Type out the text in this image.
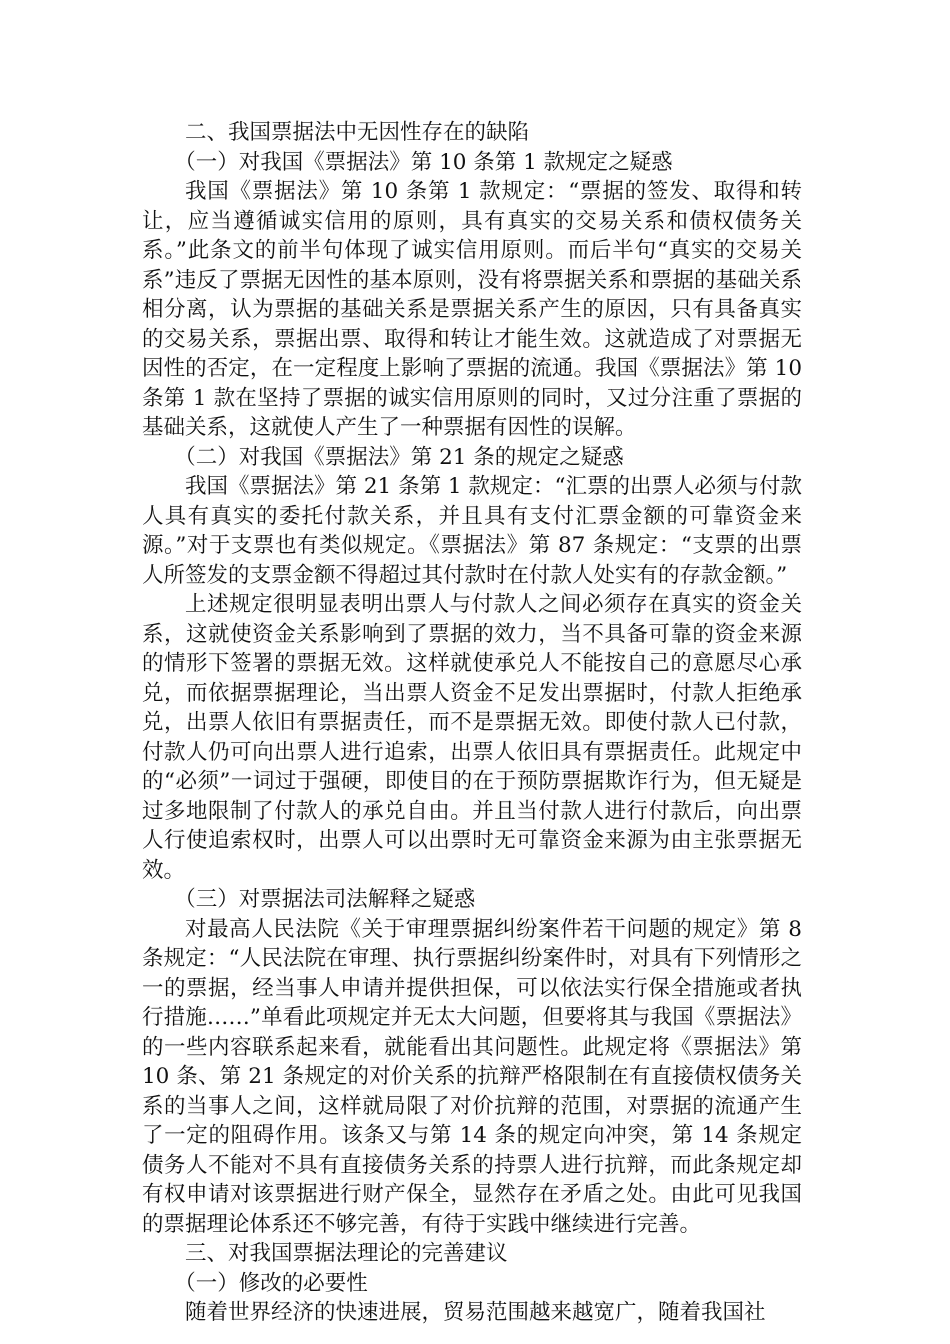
二、我国票据法中无因性存在的缺陷

（一）对我国《票据法》第 10 条第 1 款规定之疑惑

我国《票据法》第 10 条第 1 款规定：“票据的签发、取得和转让，应当遵循诚实信用的原则，具有真实的交易关系和债权债务关系。”此条文的前半句体现了诚实信用原则。而后半句“真实的交易关系”违反了票据无因性的基本原则，没有将票据关系和票据的基础关系相分离，认为票据的基础关系是票据关系产生的原因，只有具备真实的交易关系，票据出票、取得和转让才能生效。这就造成了对票据无因性的否定，在一定程度上影响了票据的流通。我国《票据法》第 10 条第 1 款在坚持了票据的诚实信用原则的同时，又过分注重了票据的基础关系，这就使人产生了一种票据有因性的误解。

（二）对我国《票据法》第 21 条的规定之疑惑

我国《票据法》第 21 条第 1 款规定：“汇票的出票人必须与付款人具有真实的委托付款关系，并且具有支付汇票金额的可靠资金来源。”对于支票也有类似规定。《票据法》第 87 条规定：“支票的出票人所签发的支票金额不得超过其付款时在付款人处实有的存款金额。”

上述规定很明显表明出票人与付款人之间必须存在真实的资金关系，这就使资金关系影响到了票据的效力，当不具备可靠的资金来源的情形下签署的票据无效。这样就使承兑人不能按自己的意愿尽心承兑，而依据票据理论，当出票人资金不足发出票据时，付款人拒绝承兑，出票人依旧有票据责任，而不是票据无效。即使付款人已付款，付款人仍可向出票人进行追索，出票人依旧具有票据责任。此规定中的“必须”一词过于强硬，即使目的在于预防票据欺诈行为，但无疑是过多地限制了付款人的承兑自由。并且当付款人进行付款后，向出票人行使追索权时，出票人可以出票时无可靠资金来源为由主张票据无效。

（三）对票据法司法解释之疑惑

对最高人民法院《关于审理票据纠纷案件若干问题的规定》第 8 条规定：“人民法院在审理、执行票据纠纷案件时，对具有下列情形之一的票据，经当事人申请并提供担保，可以依法实行保全措施或者执行措施……”单看此项规定并无太大问题，但要将其与我国《票据法》的一些内容联系起来看，就能看出其问题性。此规定将《票据法》第 10 条、第 21 条规定的对价关系的抗辩严格限制在有直接债权债务关系的当事人之间，这样就局限了对价抗辩的范围，对票据的流通产生了一定的阻碍作用。该条又与第 14 条的规定向冲突，第 14 条规定债务人不能对不具有直接债务关系的持票人进行抗辩，而此条规定却有权申请对该票据进行财产保全，显然存在矛盾之处。由此可见我国的票据理论体系还不够完善，有待于实践中继续进行完善。

三、对我国票据法理论的完善建议

（一）修改的必要性

随着世界经济的快速进展，贸易范围越来越宽广，随着我国社
